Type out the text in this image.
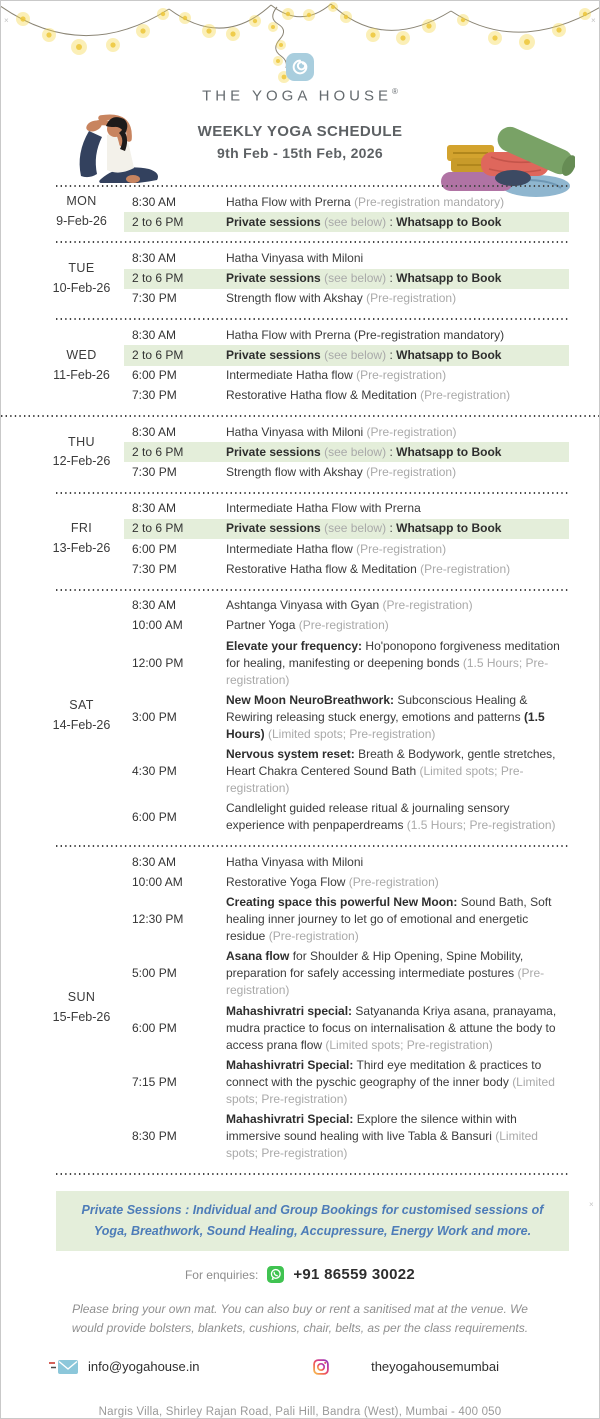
×	×
×
THE YOGA HOUSE®
WEEKLY YOGA SCHEDULE
9th Feb - 15th Feb, 2026
MON
9-Feb-26
8:30 AM	Hatha Flow with Prerna (Pre-registration mandatory)
2 to 6 PM	Private sessions (see below) : Whatsapp to Book
TUE
10-Feb-26
8:30 AM	Hatha Vinyasa with Miloni
2 to 6 PM	Private sessions (see below) : Whatsapp to Book
7:30 PM	Strength flow with Akshay (Pre-registration)
WED
11-Feb-26
8:30 AM	Hatha Flow with Prerna (Pre-registration mandatory)
2 to 6 PM	Private sessions (see below) : Whatsapp to Book
6:00 PM	Intermediate Hatha flow (Pre-registration)
7:30 PM	Restorative Hatha flow & Meditation (Pre-registration)
THU
12-Feb-26
8:30 AM	Hatha Vinyasa with Miloni (Pre-registration)
2 to 6 PM	Private sessions (see below) : Whatsapp to Book
7:30 PM	Strength flow with Akshay (Pre-registration)
FRI
13-Feb-26
8:30 AM	Intermediate Hatha Flow with Prerna
2 to 6 PM	Private sessions (see below) : Whatsapp to Book
6:00 PM	Intermediate Hatha flow (Pre-registration)
7:30 PM	Restorative Hatha flow & Meditation (Pre-registration)
SAT
14-Feb-26
8:30 AM	Ashtanga Vinyasa with Gyan (Pre-registration)
10:00 AM	Partner Yoga (Pre-registration)
12:00 PM
Elevate your frequency: Ho'ponopono forgiveness meditation for healing, manifesting or deepening bonds (1.5 Hours; Pre-registration)
3:00 PM
New Moon NeuroBreathwork: Subconscious Healing & Rewiring releasing stuck energy, emotions and patterns (1.5 Hours) (Limited spots; Pre-registration)
4:30 PM
Nervous system reset: Breath & Bodywork, gentle stretches, Heart Chakra Centered Sound Bath (Limited spots; Pre-registration)
6:00 PM
Candlelight guided release ritual & journaling sensory experience with penpaperdreams (1.5 Hours; Pre-registration)
SUN
15-Feb-26
8:30 AM	Hatha Vinyasa with Miloni
10:00 AM	Restorative Yoga Flow (Pre-registration)
12:30 PM
Creating space this powerful New Moon: Sound Bath, Soft healing inner journey to let go of emotional and energetic residue (Pre-registration)
5:00 PM
Asana flow for Shoulder & Hip Opening, Spine Mobility, preparation for safely accessing intermediate postures (Pre-registration)
6:00 PM
Mahashivratri special: Satyananda Kriya asana, pranayama, mudra practice to focus on internalisation & attune the body to access prana flow (Limited spots; Pre-registration)
7:15 PM
Mahashivratri Special: Third eye meditation & practices to connect with the pyschic geography of the inner body (Limited spots; Pre-registration)
8:30 PM
Mahashivratri Special: Explore the silence within with immersive sound healing with live Tabla & Bansuri (Limited spots; Pre-registration)
Private Sessions : Individual and Group Bookings for customised sessions of Yoga, Breathwork, Sound Healing, Accupressure, Energy Work and more.
For enquiries: +91 86559 30022
Please bring your own mat. You can also buy or rent a sanitised mat at the venue. We would provide bolsters, blankets, cushions, chair, belts, as per the class requirements.
info@yogahouse.in	theyogahousemumbai
Nargis Villa, Shirley Rajan Road, Pali Hill, Bandra (West), Mumbai - 400 050
